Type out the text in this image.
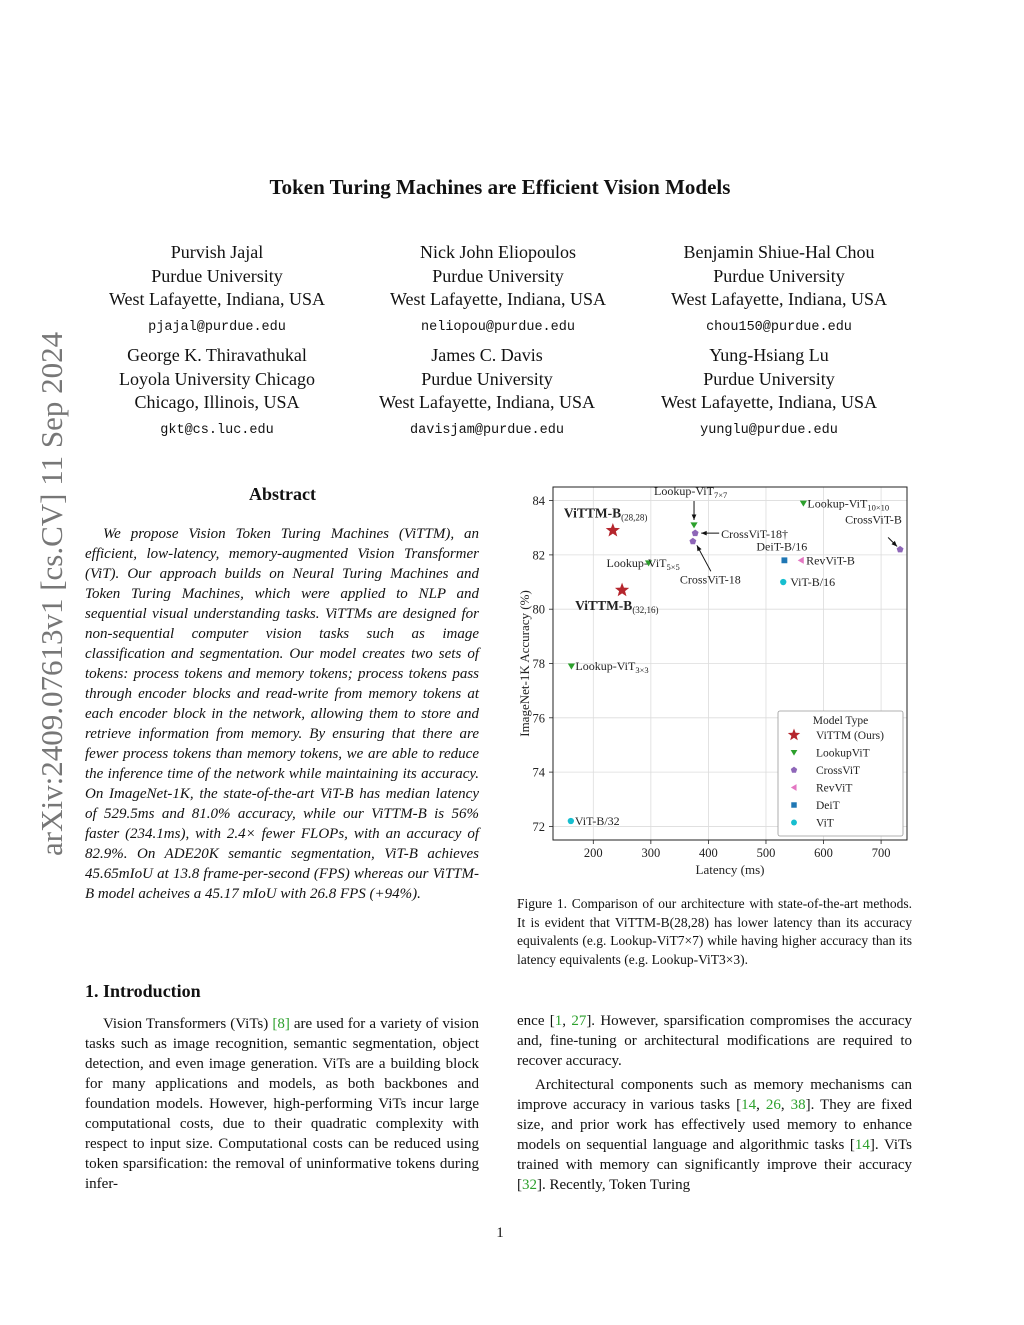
Token Turing Machines are Efficient Vision Models
arXiv:2409.07613v1 [cs.CV] 11 Sep 2024
Purvish Jajal
Purdue University
West Lafayette, Indiana, USA
pjajal@purdue.edu
Nick John Eliopoulos
Purdue University
West Lafayette, Indiana, USA
neliopou@purdue.edu
Benjamin Shiue-Hal Chou
Purdue University
West Lafayette, Indiana, USA
chou150@purdue.edu
George K. Thiravathukal
Loyola University Chicago
Chicago, Illinois, USA
gkt@cs.luc.edu
James C. Davis
Purdue University
West Lafayette, Indiana, USA
davisjam@purdue.edu
Yung-Hsiang Lu
Purdue University
West Lafayette, Indiana, USA
yunglu@purdue.edu
Abstract

We propose Vision Token Turing Machines (ViTTM), an efficient, low-latency, memory-augmented Vision Transformer (ViT). Our approach builds on Neural Turing Machines and Token Turing Machines, which were applied to NLP and sequential visual understanding tasks. ViTTMs are designed for non-sequential computer vision tasks such as image classification and segmentation. Our model creates two sets of tokens: process tokens and memory tokens; process tokens pass through encoder blocks and read-write from memory tokens at each encoder block in the network, allowing them to store and retrieve information from memory. By ensuring that there are fewer process tokens than memory tokens, we are able to reduce the inference time of the network while maintaining its accuracy. On ImageNet-1K, the state-of-the-art ViT-B has median latency of 529.5ms and 81.0% accuracy, while our ViTTM-B is 56% faster (234.1ms), with 2.4× fewer FLOPs, with an accuracy of 82.9%. On ADE20K semantic segmentation, ViT-B achieves 45.65mIoU at 13.8 frame-per-second (FPS) whereas our ViTTM-B model acheives a 45.17 mIoU with 26.8 FPS (+94%).

1. Introduction

Vision Transformers (ViTs) [8] are used for a variety of vision tasks such as image recognition, semantic segmentation, object detection, and even image generation. ViTs are a building block for many applications and models, as both backbones and foundation models. However, high-performing ViTs incur large computational costs, due to their quadratic complexity with respect to input size. Computational costs can be reduced using token sparsification: the removal of uninformative tokens during infer-

ence [1, 27]. However, sparsification compromises the accuracy and, fine-tuning or architectural modifications are required to recover accuracy.

Architectural components such as memory mechanisms can improve accuracy in various tasks [14, 26, 38]. They are fixed size, and prior work has effectively used memory to enhance models on sequential language and algorithmic tasks [14]. ViTs trained with memory can significantly improve their accuracy [32]. Recently, Token Turing

200	300	400	500	600	700
72
74
76
78
80
82
84
Latency (ms)
ImageNet-1K Accuracy (%)
ViTTM-$B_{(28,28)}$
ViTTM-$B_{(32,16)}$
Lookup-ViT$_{7\times 7}$
Lookup-ViT$_{10\times 10}$
Lookup-ViT$_{5\times 5}$
Lookup-ViT$_{3\times 3}$
CrossViT-18†
CrossViT-18
CrossViT-B
RevViT-B
DeiT-B/16
ViT-B/16
ViT-B/32
Model Type
ViTTM (Ours)
LookupViT
CrossViT
RevViT
DeiT
ViT
Figure 1. Comparison of our architecture with state-of-the-art methods. It is evident that ViTTM-B(28,28) has lower latency than its accuracy equivalents (e.g. Lookup-ViT7×7) while having higher accuracy than its latency equivalents (e.g. Lookup-ViT3×3).
1
